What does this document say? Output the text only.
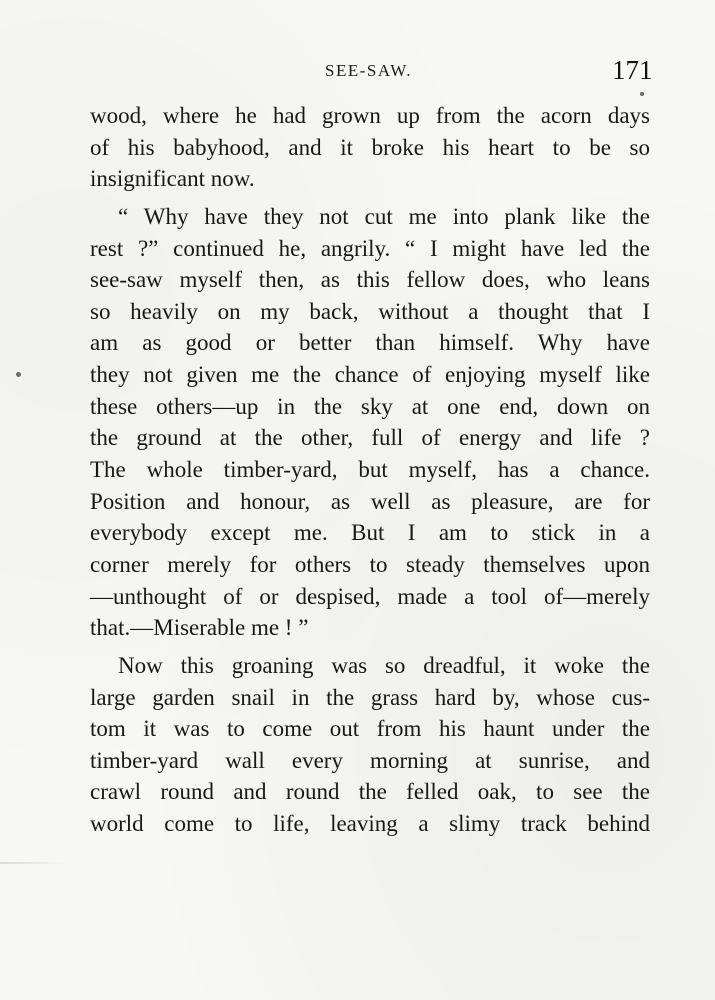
SEE-SAW.	171
wood, where he had grown up from the acorn days
of his babyhood, and it broke his heart to be so
insignificant now.
“ Why have they not cut me into plank like the
rest ?” continued he, angrily. “ I might have led the
see-saw myself then, as this fellow does, who leans
so heavily on my back, without a thought that I
am as good or better than himself. Why have
they not given me the chance of enjoying myself like
these others—up in the sky at one end, down on
the ground at the other, full of energy and life ?
The whole timber-yard, but myself, has a chance.
Position and honour, as well as pleasure, are for
everybody except me. But I am to stick in a
corner merely for others to steady themselves upon
—unthought of or despised, made a tool of—merely
that.—Miserable me ! ”
Now this groaning was so dreadful, it woke the
large garden snail in the grass hard by, whose cus-
tom it was to come out from his haunt under the
timber-yard wall every morning at sunrise, and
crawl round and round the felled oak, to see the
world come to life, leaving a slimy track behind
